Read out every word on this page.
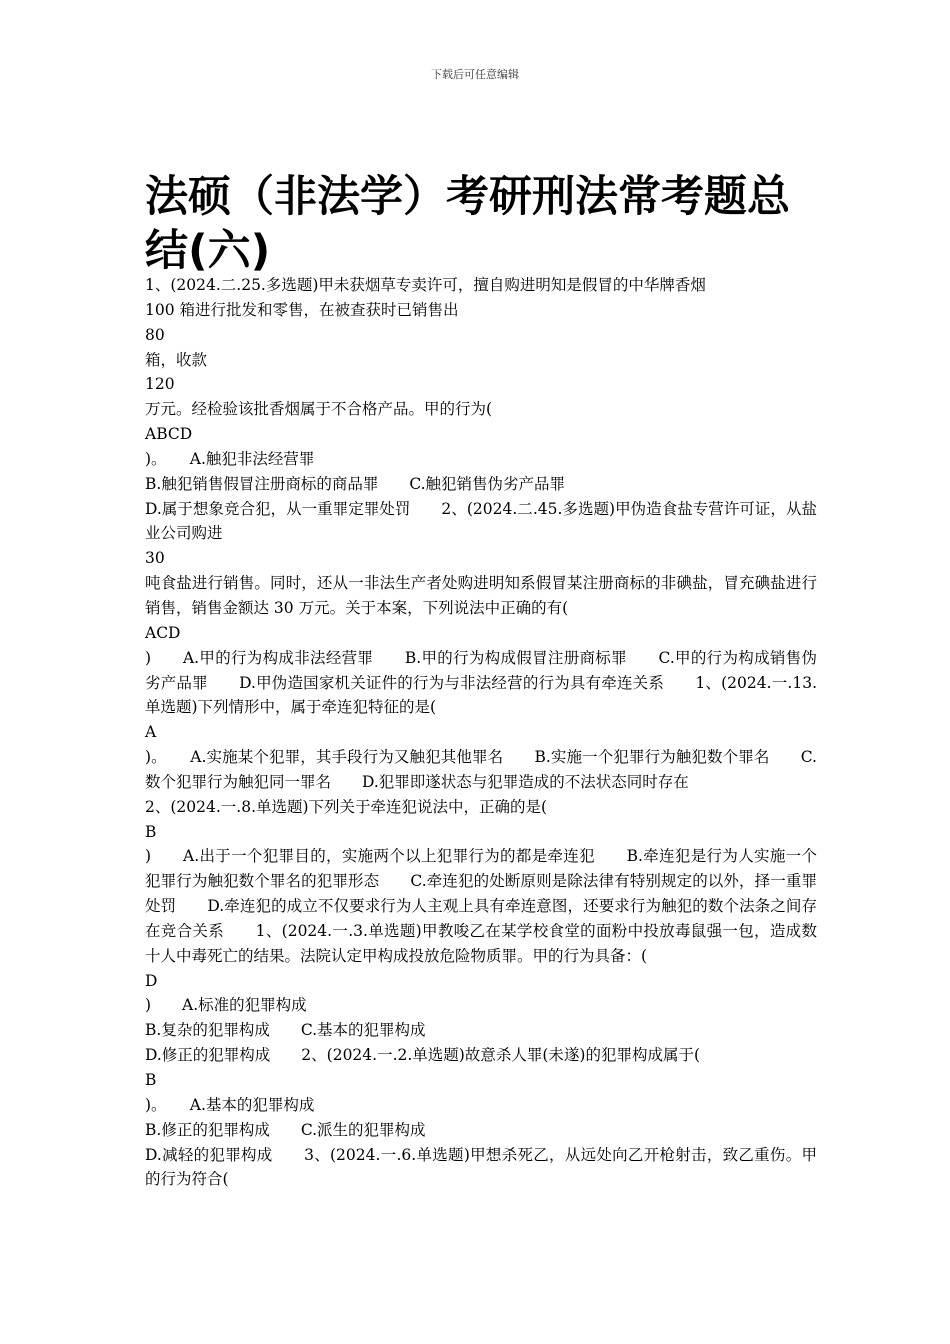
下载后可任意编辑
法硕（非法学）考研刑法常考题总结(六)

1、(2024.二.25.多选题)甲未获烟草专卖许可，擅自购进明知是假冒的中华牌香烟

100 箱进行批发和零售，在被查获时已销售出

80

箱，收款

120

万元。经检验该批香烟属于不合格产品。甲的行为(

ABCD

)。　　A.触犯非法经营罪

B.触犯销售假冒注册商标的商品罪　　C.触犯销售伪劣产品罪

D.属于想象竞合犯，从一重罪定罪处罚　　2、(2024.二.45.多选题)甲伪造食盐专营许可证，从盐业公司购进

30

吨食盐进行销售。同时，还从一非法生产者处购进明知系假冒某注册商标的非碘盐，冒充碘盐进行销售，销售金额达 30 万元。关于本案，下列说法中正确的有(

ACD

)　　A.甲的行为构成非法经营罪　　B.甲的行为构成假冒注册商标罪　　C.甲的行为构成销售伪劣产品罪　　D.甲伪造国家机关证件的行为与非法经营的行为具有牵连关系　　1、(2024.一.13.单选题)下列情形中，属于牵连犯特征的是(

A

)。　　A.实施某个犯罪，其手段行为又触犯其他罪名　　B.实施一个犯罪行为触犯数个罪名　　C.数个犯罪行为触犯同一罪名　　D.犯罪即遂状态与犯罪造成的不法状态同时存在

2、(2024.一.8.单选题)下列关于牵连犯说法中，正确的是(

B

)　　A.出于一个犯罪目的，实施两个以上犯罪行为的都是牵连犯　　B.牵连犯是行为人实施一个犯罪行为触犯数个罪名的犯罪形态　　C.牵连犯的处断原则是除法律有特别规定的以外，择一重罪处罚　　D.牵连犯的成立不仅要求行为人主观上具有牵连意图，还要求行为触犯的数个法条之间存在竞合关系　　1、(2024.一.3.单选题)甲教唆乙在某学校食堂的面粉中投放毒鼠强一包，造成数十人中毒死亡的结果。法院认定甲构成投放危险物质罪。甲的行为具备：(

D

)　　A.标准的犯罪构成

B.复杂的犯罪构成　　C.基本的犯罪构成

D.修正的犯罪构成　　2、(2024.一.2.单选题)故意杀人罪(未遂)的犯罪构成属于(

B

)。　　A.基本的犯罪构成

B.修正的犯罪构成　　C.派生的犯罪构成

D.减轻的犯罪构成　　3、(2024.一.6.单选题)甲想杀死乙，从远处向乙开枪射击，致乙重伤。甲的行为符合(
